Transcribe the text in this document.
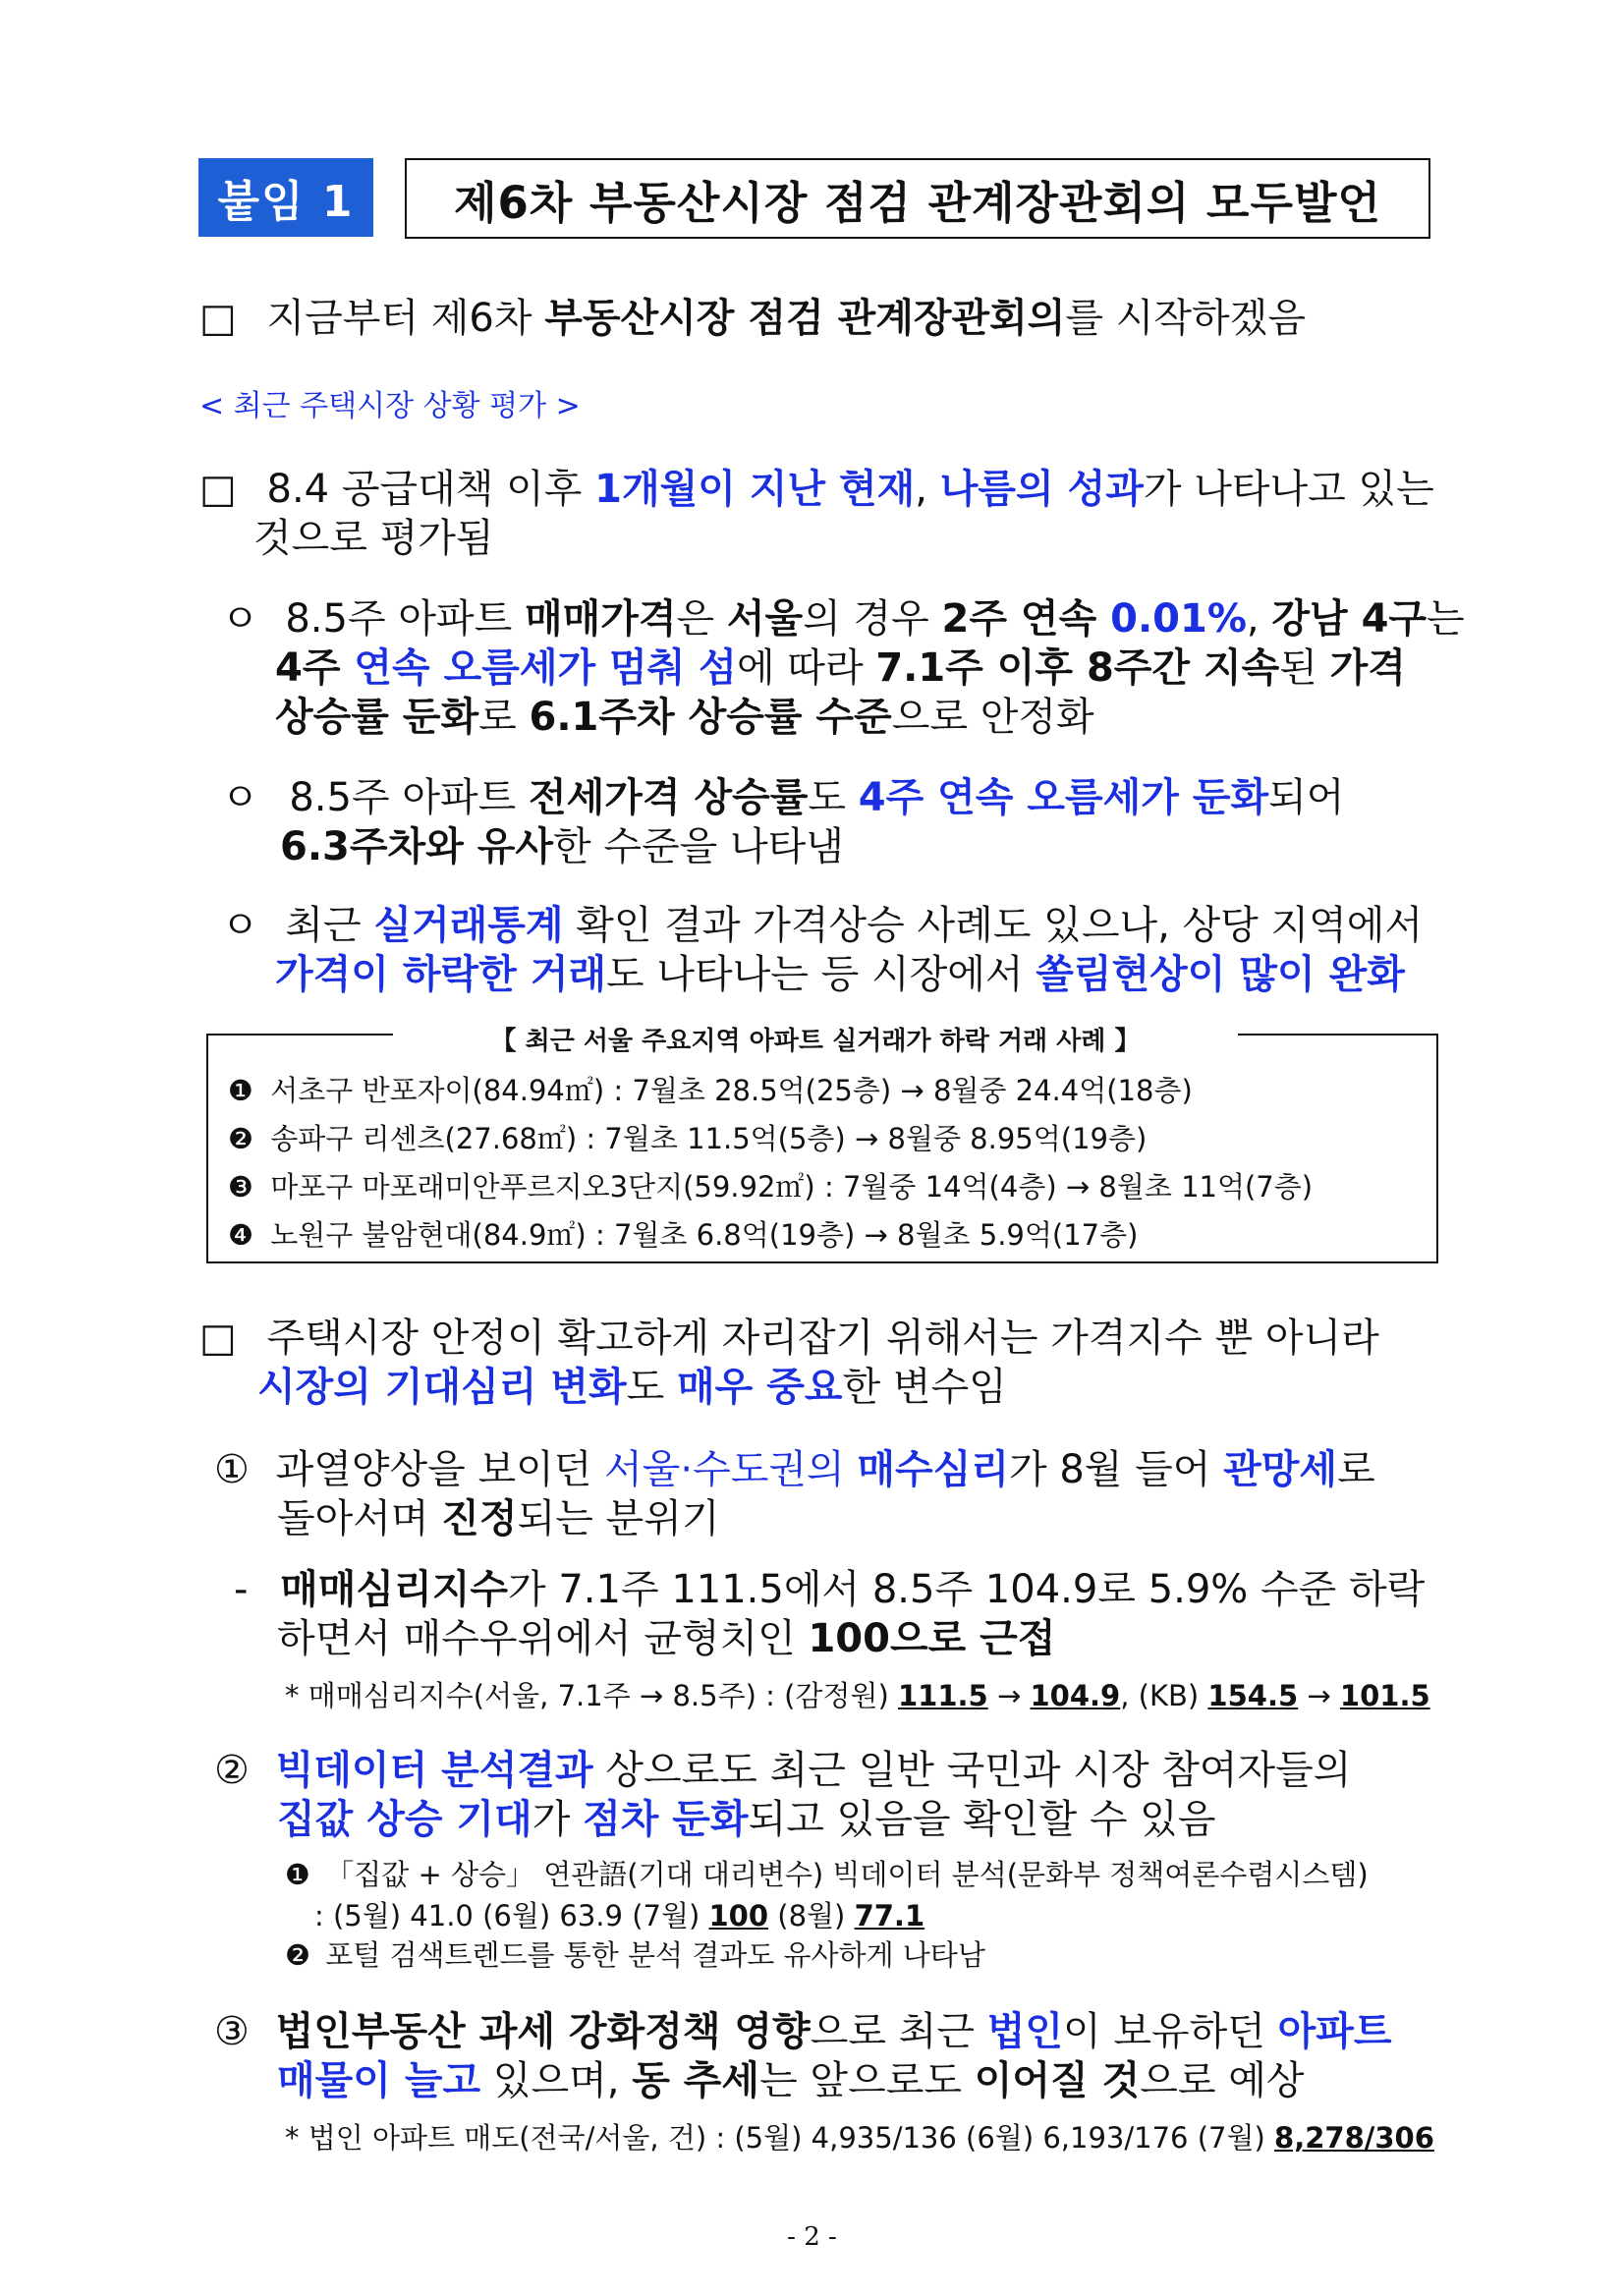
붙임 1	제6차 부동산시장 점검 관계장관회의 모두발언
□ 지금부터 제6차 부동산시장 점검 관계장관회의를 시작하겠음
< 최근 주택시장 상황 평가 >
□ 8.4 공급대책 이후 1개월이 지난 현재, 나름의 성과가 나타나고 있는
것으로 평가됨
ㅇ 8.5주 아파트 매매가격은 서울의 경우 2주 연속 0.01%, 강남 4구는
4주 연속 오름세가 멈춰 섬에 따라 7.1주 이후 8주간 지속된 가격
상승률 둔화로 6.1주차 상승률 수준으로 안정화
ㅇ 8.5주 아파트 전세가격 상승률도 4주 연속 오름세가 둔화되어
6.3주차와 유사한 수준을 나타냄
ㅇ 최근 실거래통계 확인 결과 가격상승 사례도 있으나, 상당 지역에서
가격이 하락한 거래도 나타나는 등 시장에서 쏠림현상이 많이 완화
【 최근 서울 주요지역 아파트 실거래가 하락 거래 사례 】
❶ 서초구 반포자이(84.94㎡) : 7월초 28.5억(25층) → 8월중 24.4억(18층)
❷ 송파구 리센츠(27.68㎡) : 7월초 11.5억(5층) → 8월중 8.95억(19층)
❸ 마포구 마포래미안푸르지오3단지(59.92㎡) : 7월중 14억(4층) → 8월초 11억(7층)
❹ 노원구 불암현대(84.9㎡) : 7월초 6.8억(19층) → 8월초 5.9억(17층)
□ 주택시장 안정이 확고하게 자리잡기 위해서는 가격지수 뿐 아니라
시장의 기대심리 변화도 매우 중요한 변수임
① 과열양상을 보이던 서울·수도권의 매수심리가 8월 들어 관망세로
돌아서며 진정되는 분위기
- 매매심리지수가 7.1주 111.5에서 8.5주 104.9로 5.9% 수준 하락
하면서 매수우위에서 균형치인 100으로 근접
* 매매심리지수(서울, 7.1주 → 8.5주) : (감정원) 111.5 → 104.9, (KB) 154.5 → 101.5
② 빅데이터 분석결과 상으로도 최근 일반 국민과 시장 참여자들의
집값 상승 기대가 점차 둔화되고 있음을 확인할 수 있음
❶ 「집값 + 상승」 연관語(기대 대리변수) 빅데이터 분석(문화부 정책여론수렴시스템)
: (5월) 41.0 (6월) 63.9 (7월) 100 (8월) 77.1
❷ 포털 검색트렌드를 통한 분석 결과도 유사하게 나타남
③ 법인부동산 과세 강화정책 영향으로 최근 법인이 보유하던 아파트
매물이 늘고 있으며, 동 추세는 앞으로도 이어질 것으로 예상
* 법인 아파트 매도(전국/서울, 건) : (5월) 4,935/136 (6월) 6,193/176 (7월) 8,278/306
- 2 -
